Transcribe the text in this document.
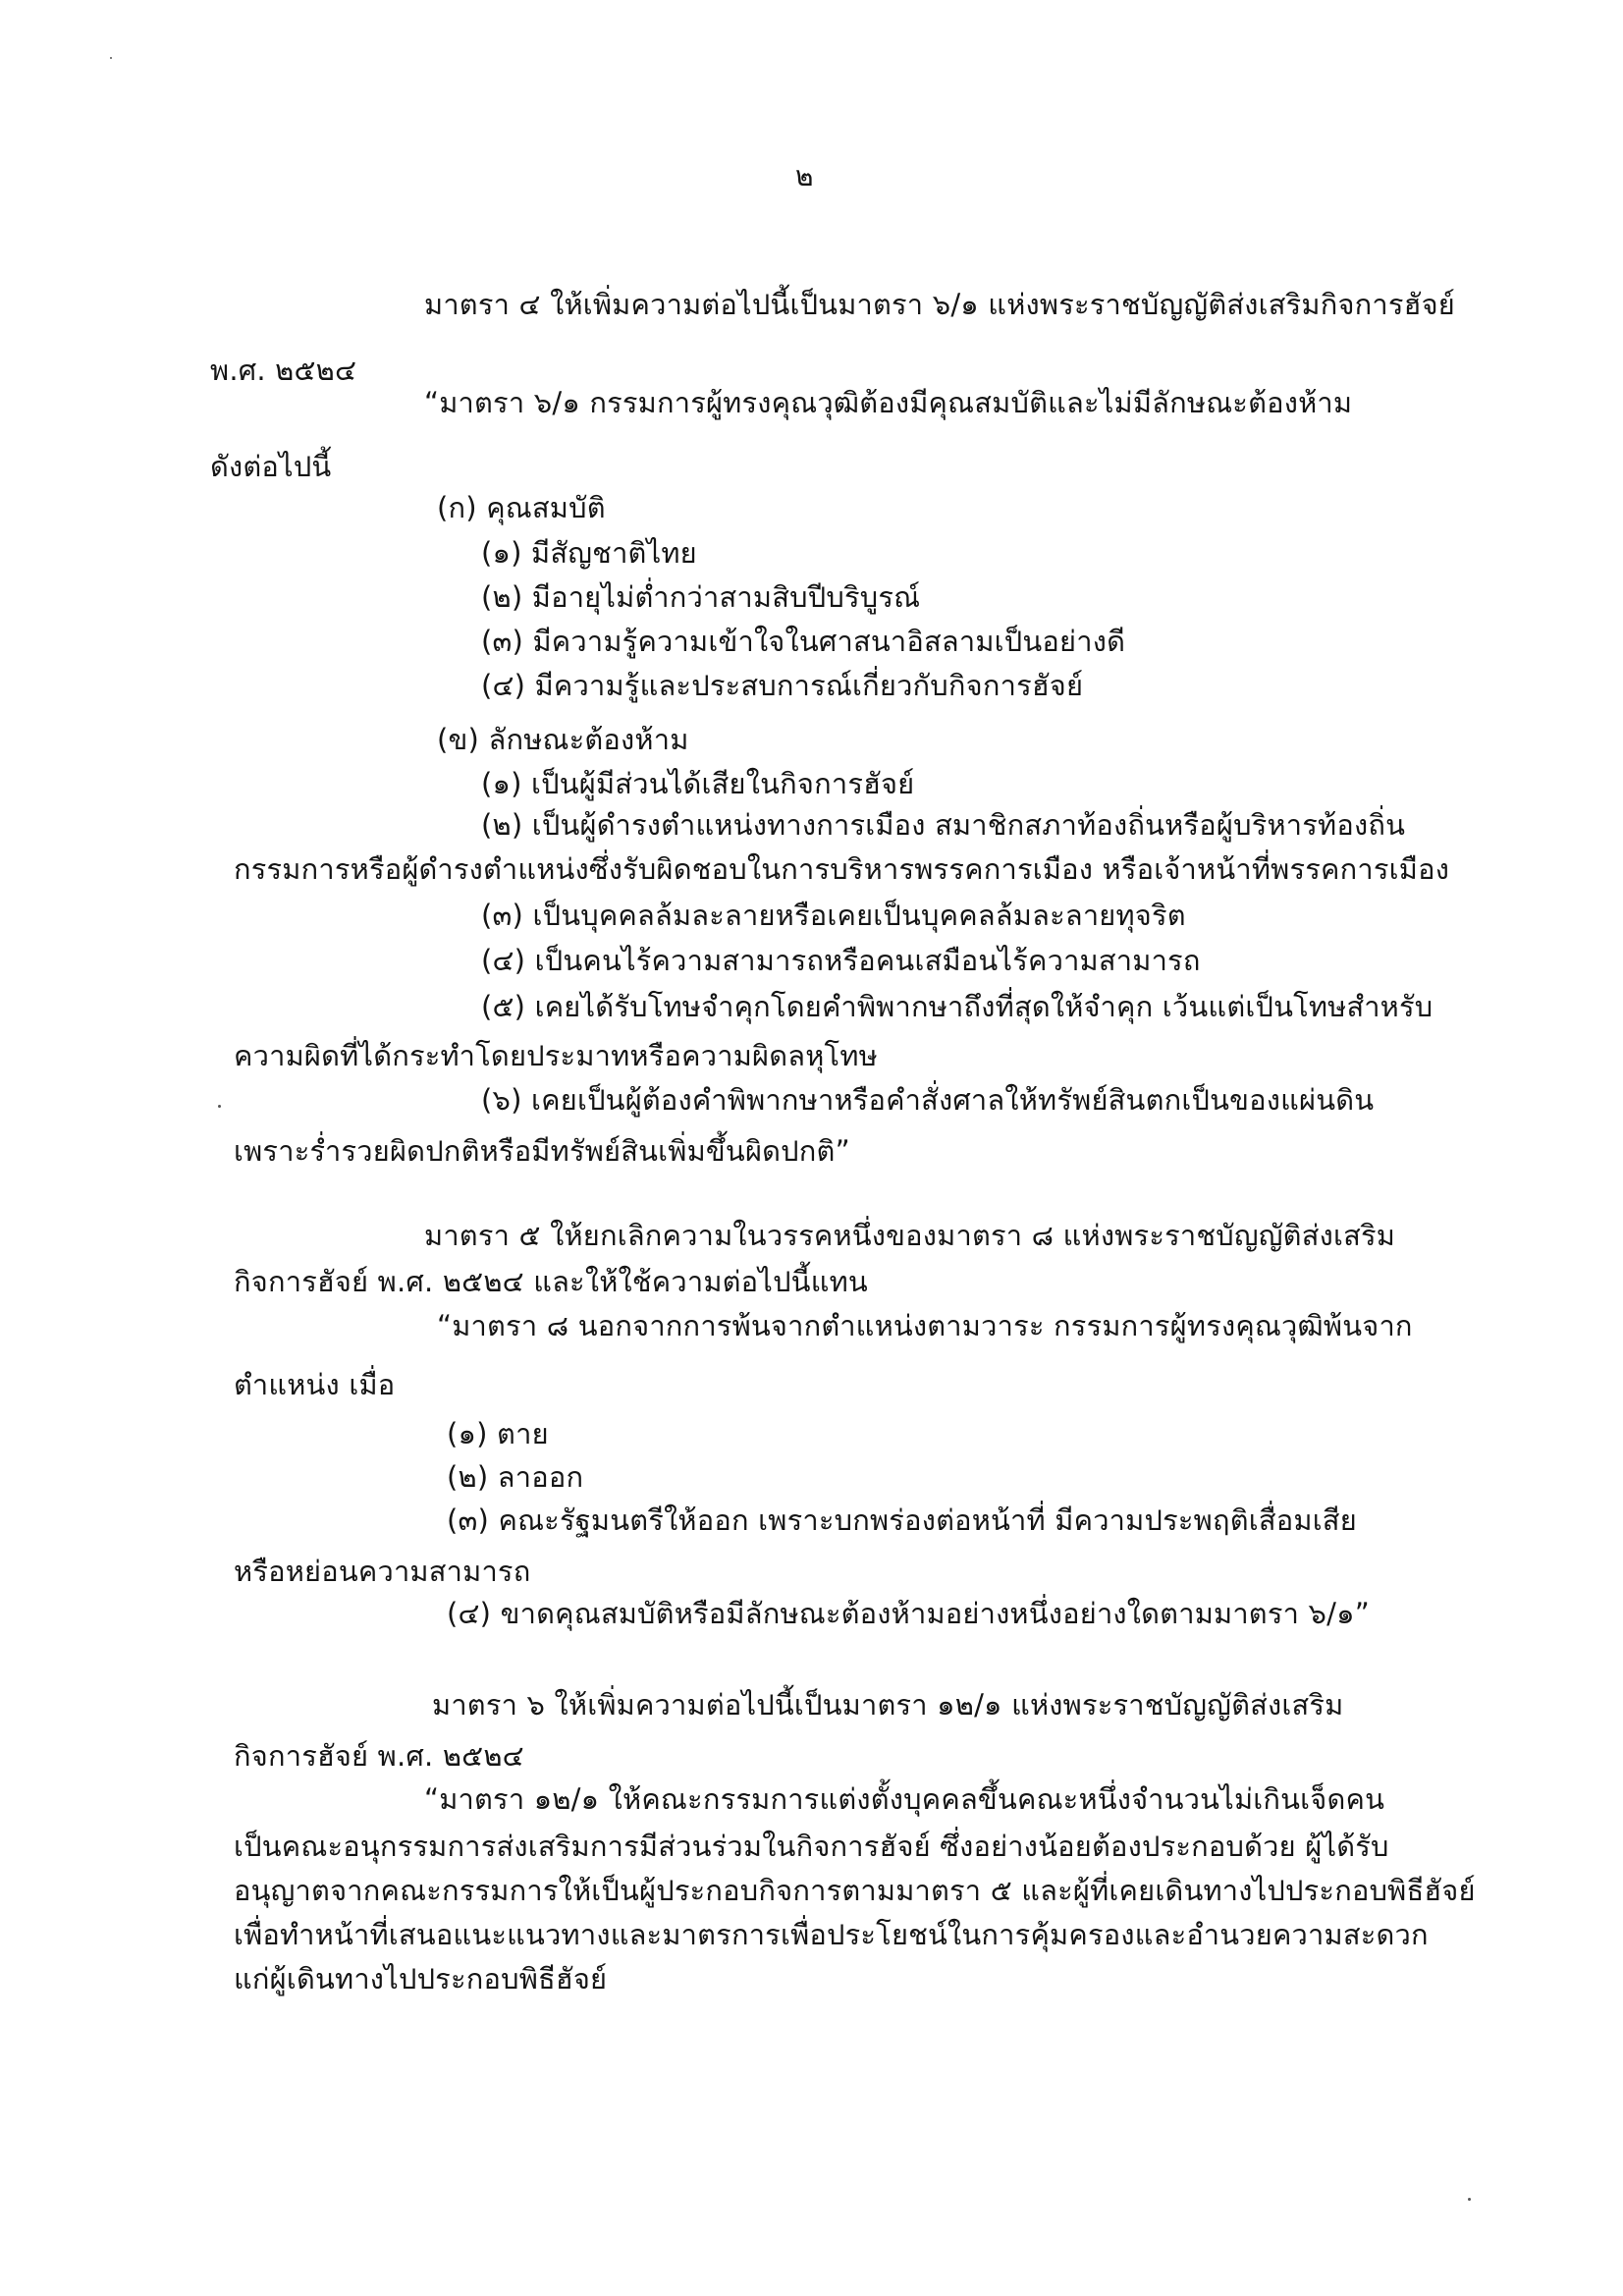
๒
มาตรา ๔ ให้เพิ่มความต่อไปนี้เป็นมาตรา ๖/๑ แห่งพระราชบัญญัติส่งเสริมกิจการฮัจย์
พ.ศ. ๒๕๒๔
“มาตรา ๖/๑ กรรมการผู้ทรงคุณวุฒิต้องมีคุณสมบัติและไม่มีลักษณะต้องห้าม
ดังต่อไปนี้
(ก) คุณสมบัติ
(๑) มีสัญชาติไทย
(๒) มีอายุไม่ต่ำกว่าสามสิบปีบริบูรณ์
(๓) มีความรู้ความเข้าใจในศาสนาอิสลามเป็นอย่างดี
(๔) มีความรู้และประสบการณ์เกี่ยวกับกิจการฮัจย์
(ข) ลักษณะต้องห้าม
(๑) เป็นผู้มีส่วนได้เสียในกิจการฮัจย์
(๒) เป็นผู้ดำรงตำแหน่งทางการเมือง สมาชิกสภาท้องถิ่นหรือผู้บริหารท้องถิ่น
กรรมการหรือผู้ดำรงตำแหน่งซึ่งรับผิดชอบในการบริหารพรรคการเมือง หรือเจ้าหน้าที่พรรคการเมือง
(๓) เป็นบุคคลล้มละลายหรือเคยเป็นบุคคลล้มละลายทุจริต
(๔) เป็นคนไร้ความสามารถหรือคนเสมือนไร้ความสามารถ
(๕) เคยได้รับโทษจำคุกโดยคำพิพากษาถึงที่สุดให้จำคุก เว้นแต่เป็นโทษสำหรับ
ความผิดที่ได้กระทำโดยประมาทหรือความผิดลหุโทษ
(๖) เคยเป็นผู้ต้องคำพิพากษาหรือคำสั่งศาลให้ทรัพย์สินตกเป็นของแผ่นดิน
เพราะร่ำรวยผิดปกติหรือมีทรัพย์สินเพิ่มขึ้นผิดปกติ”
มาตรา ๕ ให้ยกเลิกความในวรรคหนึ่งของมาตรา ๘ แห่งพระราชบัญญัติส่งเสริม
กิจการฮัจย์ พ.ศ. ๒๕๒๔ และให้ใช้ความต่อไปนี้แทน
“มาตรา ๘ นอกจากการพ้นจากตำแหน่งตามวาระ กรรมการผู้ทรงคุณวุฒิพ้นจาก
ตำแหน่ง เมื่อ
(๑) ตาย
(๒) ลาออก
(๓) คณะรัฐมนตรีให้ออก เพราะบกพร่องต่อหน้าที่ มีความประพฤติเสื่อมเสีย
หรือหย่อนความสามารถ
(๔) ขาดคุณสมบัติหรือมีลักษณะต้องห้ามอย่างหนึ่งอย่างใดตามมาตรา ๖/๑”
มาตรา ๖ ให้เพิ่มความต่อไปนี้เป็นมาตรา ๑๒/๑ แห่งพระราชบัญญัติส่งเสริม
กิจการฮัจย์ พ.ศ. ๒๕๒๔
“มาตรา ๑๒/๑ ให้คณะกรรมการแต่งตั้งบุคคลขึ้นคณะหนึ่งจำนวนไม่เกินเจ็ดคน
เป็นคณะอนุกรรมการส่งเสริมการมีส่วนร่วมในกิจการฮัจย์ ซึ่งอย่างน้อยต้องประกอบด้วย ผู้ได้รับ
อนุญาตจากคณะกรรมการให้เป็นผู้ประกอบกิจการตามมาตรา ๕ และผู้ที่เคยเดินทางไปประกอบพิธีฮัจย์
เพื่อทำหน้าที่เสนอแนะแนวทางและมาตรการเพื่อประโยชน์ในการคุ้มครองและอำนวยความสะดวก
แก่ผู้เดินทางไปประกอบพิธีฮัจย์
